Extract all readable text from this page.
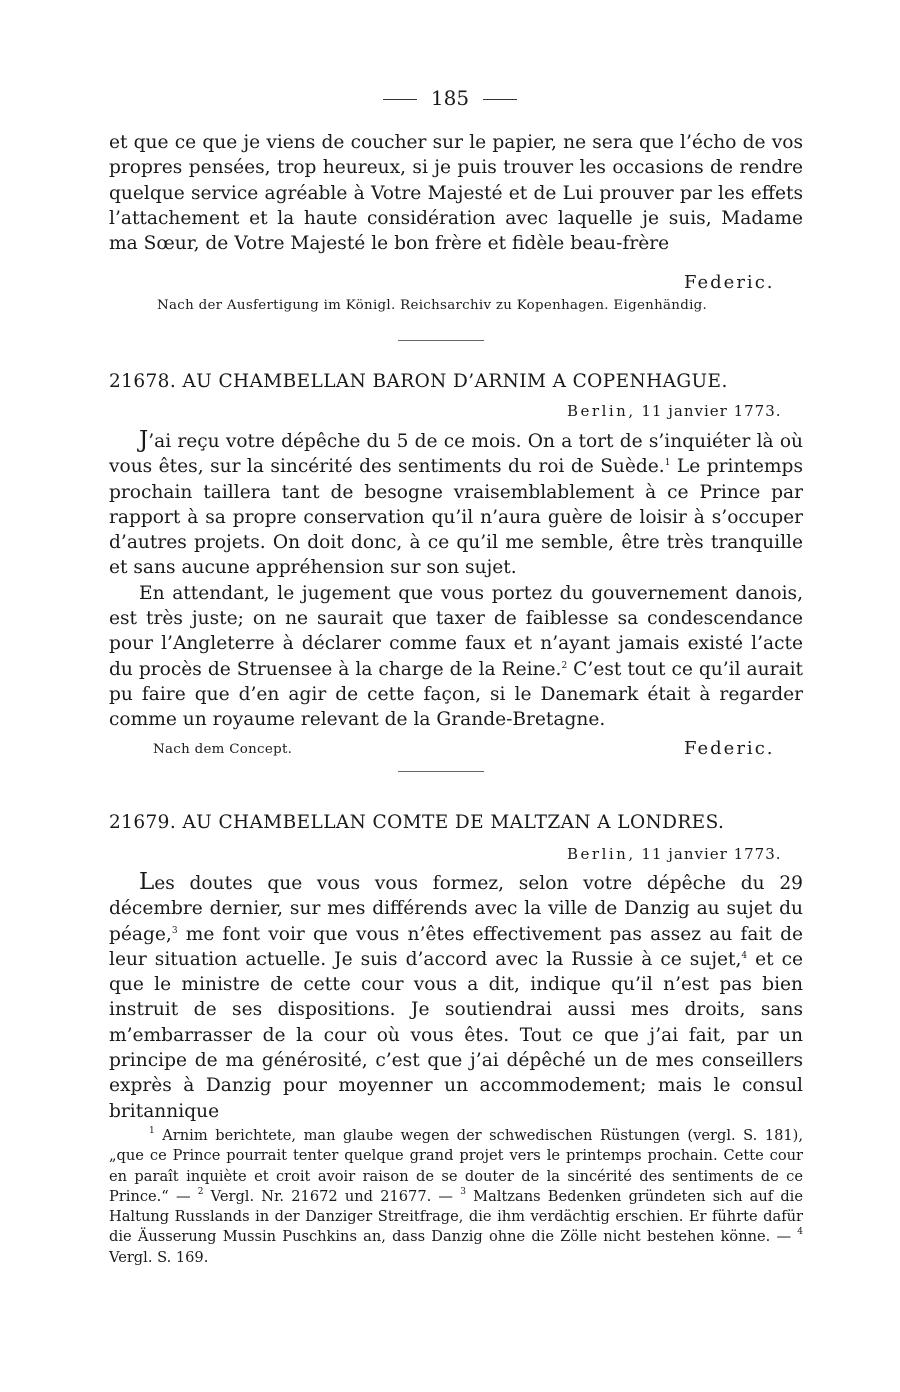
185

et que ce que je viens de coucher sur le papier, ne sera que l’écho de vos propres pensées, trop heureux, si je puis trouver les occasions de rendre quelque service agréable à Votre Majesté et de Lui prouver par les effets l’attachement et la haute considération avec laquelle je suis, Madame ma Sœur, de Votre Majesté le bon frère et fidèle beau-frère

Federic.
Nach der Ausfertigung im Königl. Reichsarchiv zu Kopenhagen. Eigenhändig.
21678. AU CHAMBELLAN BARON D’ARNIM A COPENHAGUE.
Berlin, 11 janvier 1773.

J’ai reçu votre dépêche du 5 de ce mois. On a tort de s’inquiéter là où vous êtes, sur la sincérité des sentiments du roi de Suède.$^1$ Le printemps prochain taillera tant de besogne vraisemblablement à ce Prince par rapport à sa propre conservation qu’il n’aura guère de loisir à s’occuper d’autres projets. On doit donc, à ce qu’il me semble, être très tranquille et sans aucune appréhension sur son sujet.

En attendant, le jugement que vous portez du gouvernement danois, est très juste; on ne saurait que taxer de faiblesse sa condescendance pour l’Angleterre à déclarer comme faux et n’ayant jamais existé l’acte du procès de Struensee à la charge de la Reine.$^2$ C’est tout ce qu’il aurait pu faire que d’en agir de cette façon, si le Danemark était à regarder comme un royaume relevant de la Grande-Bretagne.

Nach dem Concept.	Federic.
21679. AU CHAMBELLAN COMTE DE MALTZAN A LONDRES.
Berlin, 11 janvier 1773.

Les doutes que vous vous formez, selon votre dépêche du 29 décembre dernier, sur mes différends avec la ville de Danzig au sujet du péage,$^3$ me font voir que vous n’êtes effectivement pas assez au fait de leur situation actuelle. Je suis d’accord avec la Russie à ce sujet,$^4$ et ce que le ministre de cette cour vous a dit, indique qu’il n’est pas bien instruit de ses dispositions. Je soutiendrai aussi mes droits, sans m’embarrasser de la cour où vous êtes. Tout ce que j’ai fait, par un principe de ma générosité, c’est que j’ai dépêché un de mes conseillers exprès à Danzig pour moyenner un accommodement; mais le consul britannique

$^1$ Arnim berichtete, man glaube wegen der schwedischen Rüstungen (vergl. S. 181), „que ce Prince pourrait tenter quelque grand projet vers le printemps prochain. Cette cour en paraît inquiète et croit avoir raison de se douter de la sincérité des sentiments de ce Prince.“ — $^2$ Vergl. Nr. 21672 und 21677. — $^3$ Maltzans Bedenken gründeten sich auf die Haltung Russlands in der Danziger Streitfrage, die ihm verdächtig erschien. Er führte dafür die Äusserung Mussin Puschkins an, dass Danzig ohne die Zölle nicht bestehen könne. — $^4$ Vergl. S. 169.
